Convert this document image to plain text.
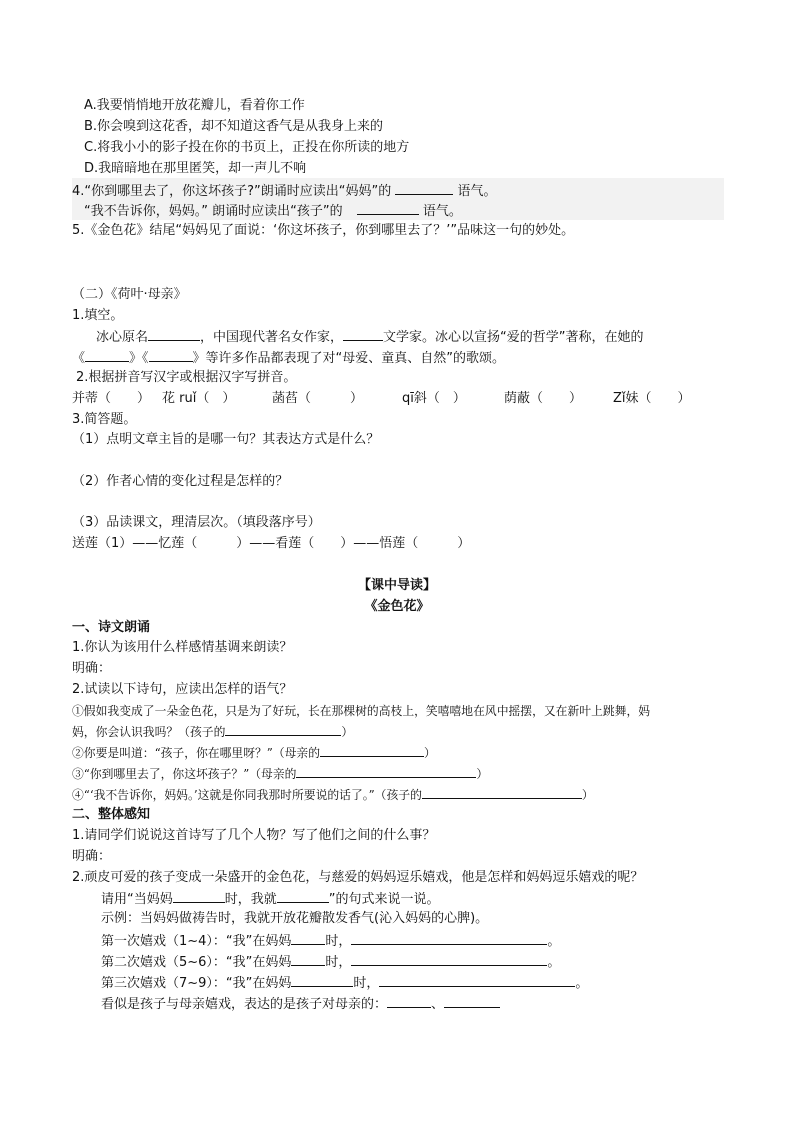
A.我要悄悄地开放花瓣儿，看着你工作
B.你会嗅到这花香，却不知道这香气是从我身上来的
C.将我小小的影子投在你的书页上，正投在你所读的地方
D.我暗暗地在那里匿笑，却一声儿不响
4.“你到哪里去了，你这坏孩子?”朗诵时应读出“妈妈”的	语气。
“我不告诉你，妈妈。” 朗诵时应读出“孩子”的	语气。
5.《金色花》结尾“妈妈见了面说：‘你这坏孩子，你到哪里去了？’”品味这一句的妙处。
（二）《荷叶·母亲》
1.填空。
冰心原名	，中国现代著名女作家，	文学家。冰心以宣扬“爱的哲学”著称，在她的
《	》《	》等许多作品都表现了对“母爱、童真、自然”的歌颂。
2.根据拼音写汉字或根据汉字写拼音。
并蒂（　　） 花 ruǐ（　）	菡萏（　　　）	qī斜（　）	荫蔽（　　） Zǐ妹（　　）
3.简答题。
（1）点明文章主旨的是哪一句？其表达方式是什么？
（2）作者心情的变化过程是怎样的？
（3）品读课文，理清层次。（填段落序号）
送莲（1）——忆莲（　　　）——看莲（　　）——悟莲（　　　）
【课中导读】
《金色花》
一、诗文朗诵
1.你认为该用什么样感情基调来朗读？
明确：
2.试读以下诗句，应读出怎样的语气？
①假如我变成了一朵金色花，只是为了好玩，长在那棵树的高枝上，笑嘻嘻地在风中摇摆，又在新叶上跳舞，妈
妈，你会认识我吗？（孩子的	）
②你要是叫道：“孩子，你在哪里呀？”（母亲的	）
③“你到哪里去了，你这坏孩子？”（母亲的	）
④“‘我不告诉你，妈妈。’这就是你同我那时所要说的话了。”（孩子的	）
二、整体感知
1.请同学们说说这首诗写了几个人物？写了他们之间的什么事？
明确：
2.顽皮可爱的孩子变成一朵盛开的金色花，与慈爱的妈妈逗乐嬉戏，他是怎样和妈妈逗乐嬉戏的呢？
请用“当妈妈	时，我就	”的句式来说一说。
示例：当妈妈做祷告时，我就开放花瓣散发香气(沁入妈妈的心脾)。
第一次嬉戏（1~4）：“我”在妈妈	时，	。
第二次嬉戏（5~6）：“我”在妈妈	时，	。
第三次嬉戏（7~9）：“我”在妈妈	时，	。
看似是孩子与母亲嬉戏，表达的是孩子对母亲的：	、
